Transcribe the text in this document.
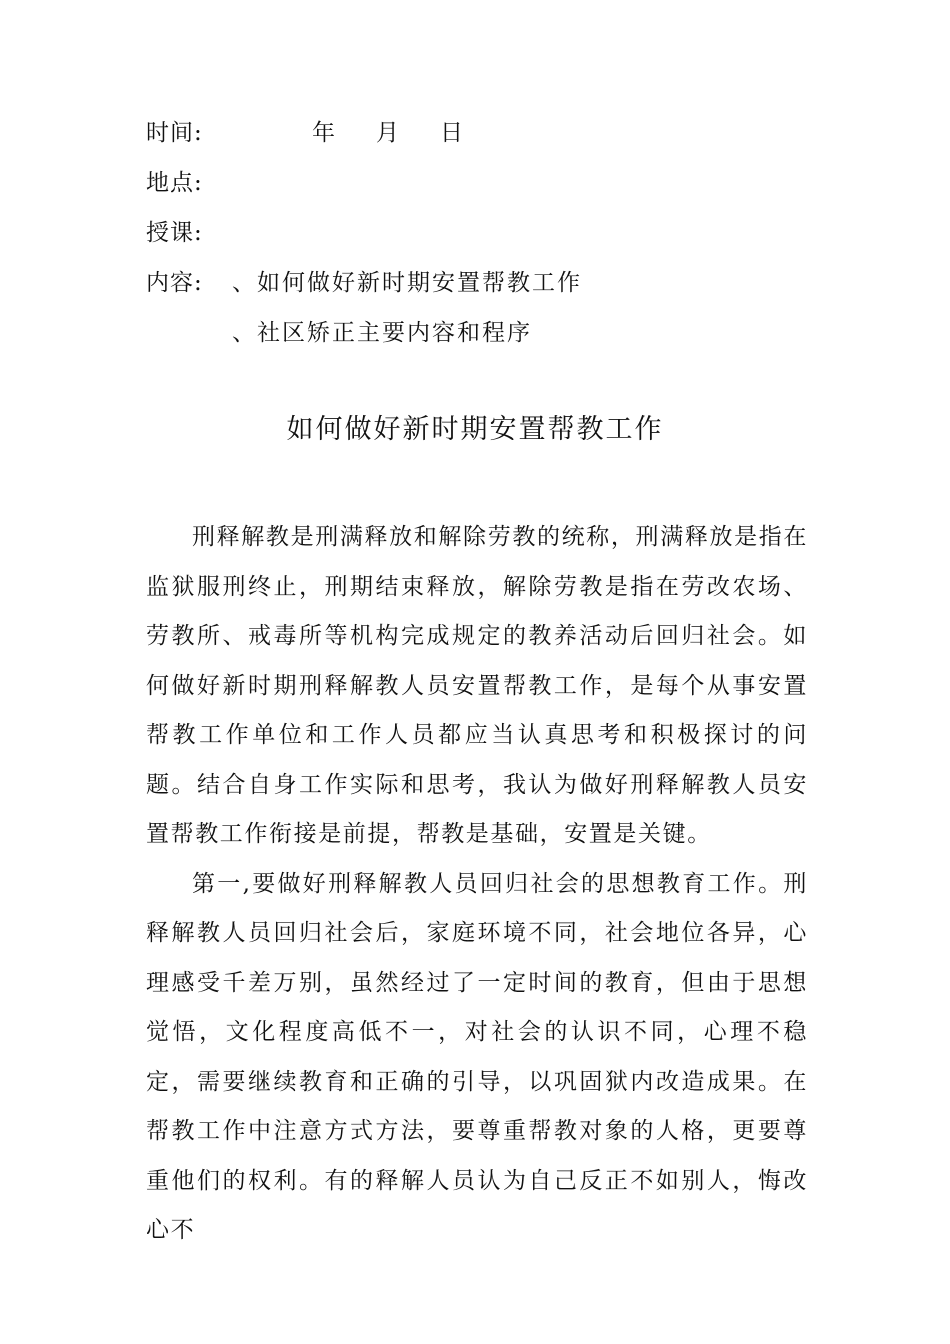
时间:	年 月 日
地点:
授课:
内容: 、如何做好新时期安置帮教工作
、社区矫正主要内容和程序
如何做好新时期安置帮教工作

刑释解教是刑满释放和解除劳教的统称，刑满释放是指在监狱服刑终止，刑期结束释放，解除劳教是指在劳改农场、劳教所、戒毒所等机构完成规定的教养活动后回归社会。如何做好新时期刑释解教人员安置帮教工作，是每个从事安置帮教工作单位和工作人员都应当认真思考和积极探讨的问题。结合自身工作实际和思考，我认为做好刑释解教人员安置帮教工作衔接是前提，帮教是基础，安置是关键。

第一,要做好刑释解教人员回归社会的思想教育工作。刑释解教人员回归社会后，家庭环境不同，社会地位各异，心理感受千差万别，虽然经过了一定时间的教育，但由于思想觉悟，文化程度高低不一，对社会的认识不同，心理不稳定，需要继续教育和正确的引导，以巩固狱内改造成果。在帮教工作中注意方式方法，要尊重帮教对象的人格，更要尊重他们的权利。有的释解人员认为自己反正不如别人，悔改心不
